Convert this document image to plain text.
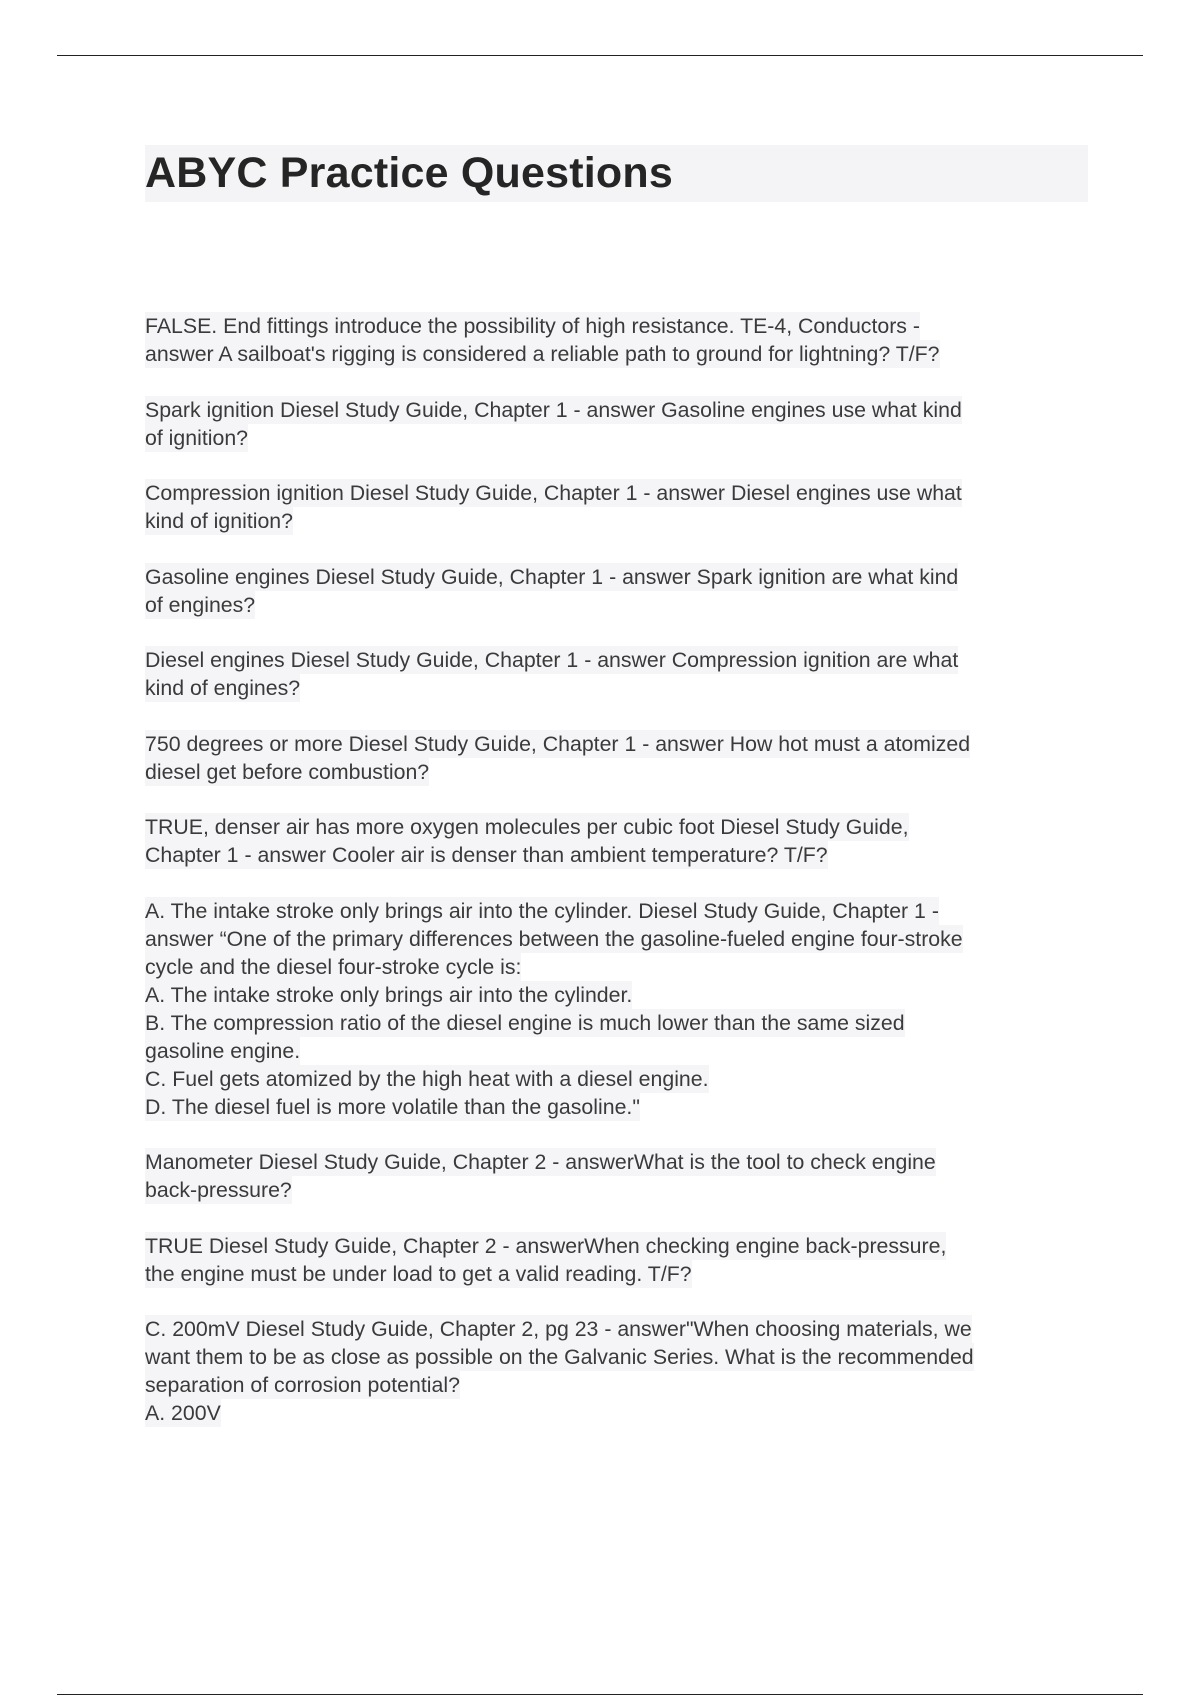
ABYC Practice Questions
FALSE. End fittings introduce the possibility of high resistance. TE-4, Conductors -
answer A sailboat's rigging is considered a reliable path to ground for lightning? T/F?
Spark ignition Diesel Study Guide, Chapter 1 - answer Gasoline engines use what kind
of ignition?
Compression ignition Diesel Study Guide, Chapter 1 - answer Diesel engines use what
kind of ignition?
Gasoline engines Diesel Study Guide, Chapter 1 - answer Spark ignition are what kind
of engines?
Diesel engines Diesel Study Guide, Chapter 1 - answer Compression ignition are what
kind of engines?
750 degrees or more Diesel Study Guide, Chapter 1 - answer How hot must a atomized
diesel get before combustion?
TRUE, denser air has more oxygen molecules per cubic foot Diesel Study Guide,
Chapter 1 - answer Cooler air is denser than ambient temperature? T/F?
A. The intake stroke only brings air into the cylinder. Diesel Study Guide, Chapter 1 -
answer “One of the primary differences between the gasoline-fueled engine four-stroke
cycle and the diesel four-stroke cycle is:
A. The intake stroke only brings air into the cylinder.
B. The compression ratio of the diesel engine is much lower than the same sized
gasoline engine.
C. Fuel gets atomized by the high heat with a diesel engine.
D. The diesel fuel is more volatile than the gasoline."
Manometer Diesel Study Guide, Chapter 2 - answerWhat is the tool to check engine
back-pressure?
TRUE Diesel Study Guide, Chapter 2 - answerWhen checking engine back-pressure,
the engine must be under load to get a valid reading. T/F?
C. 200mV Diesel Study Guide, Chapter 2, pg 23 - answer"When choosing materials, we
want them to be as close as possible on the Galvanic Series. What is the recommended
separation of corrosion potential?
A. 200V
